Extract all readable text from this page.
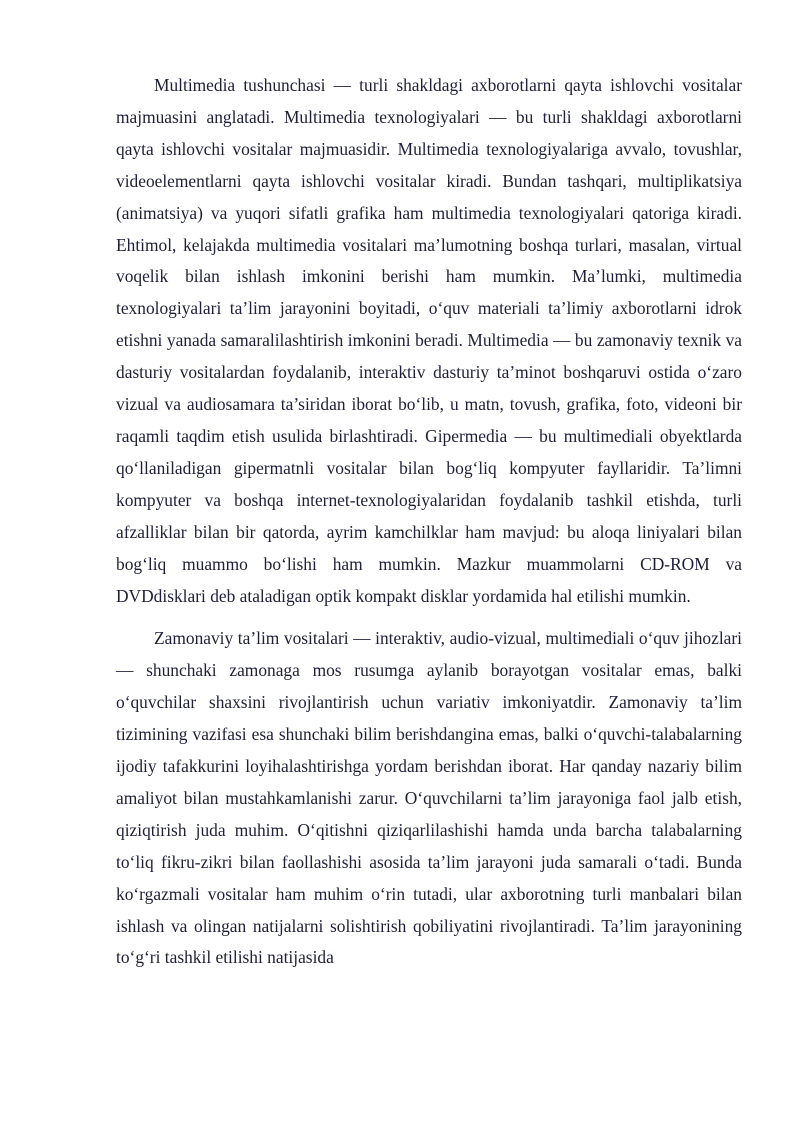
Multimedia tushunchasi — turli shakldagi axborotlarni qayta ishlovchi vositalar majmuasini anglatadi. Multimedia texnologiyalari — bu turli shakldagi axborotlarni qayta ishlovchi vositalar majmuasidir. Multimedia texnologiyalariga avvalo, tovushlar, videoelementlarni qayta ishlovchi vositalar kiradi. Bundan tashqari, multiplikatsiya (animatsiya) va yuqori sifatli grafika ham multimedia texnologiyalari qatoriga kiradi. Ehtimol, kelajakda multimedia vositalari ma’lumotning boshqa turlari, masalan, virtual voqelik bilan ishlash imkonini berishi ham mumkin. Ma’lumki, multimedia texnologiyalari ta’lim jarayonini boyitadi, o‘quv materiali ta’limiy axborotlarni idrok etishni yanada samaralilashtirish imkonini beradi. Multimedia — bu zamonaviy texnik va dasturiy vositalardan foydalanib, interaktiv dasturiy ta’minot boshqaruvi ostida o‘zaro vizual va audiosamara ta’siridan iborat bo‘lib, u matn, tovush, grafika, foto, videoni bir raqamli taqdim etish usulida birlashtiradi. Gipermedia — bu multimediali obyektlarda qo‘llaniladigan gipermatnli vositalar bilan bog‘liq kompyuter fayllaridir. Ta’limni kompyuter va boshqa internet-texnologiyalaridan foydalanib tashkil etishda, turli afzalliklar bilan bir qatorda, ayrim kamchilklar ham mavjud: bu aloqa liniyalari bilan bog‘liq muammo bo‘lishi ham mumkin. Mazkur muammolarni CD-ROM va DVDdisklari deb ataladigan optik kompakt disklar yordamida hal etilishi mumkin.

Zamonaviy ta’lim vositalari — interaktiv, audio-vizual, multimediali o‘quv jihozlari — shunchaki zamonaga mos rusumga aylanib borayotgan vositalar emas, balki o‘quvchilar shaxsini rivojlantirish uchun variativ imkoniyatdir. Zamonaviy ta’lim tizimining vazifasi esa shunchaki bilim berishdangina emas, balki o‘quvchi-talabalarning ijodiy tafakkurini loyihalashtirishga yordam berishdan iborat. Har qanday nazariy bilim amaliyot bilan mustahkamlanishi zarur. O‘quvchilarni ta’lim jarayoniga faol jalb etish, qiziqtirish juda muhim. O‘qitishni qiziqarlilashishi hamda unda barcha talabalarning to‘liq fikru-zikri bilan faollashishi asosida ta’lim jarayoni juda samarali o‘tadi. Bunda ko‘rgazmali vositalar ham muhim o‘rin tutadi, ular axborotning turli manbalari bilan ishlash va olingan natijalarni solishtirish qobiliyatini rivojlantiradi. Ta’lim jarayonining to‘g‘ri tashkil etilishi natijasida
